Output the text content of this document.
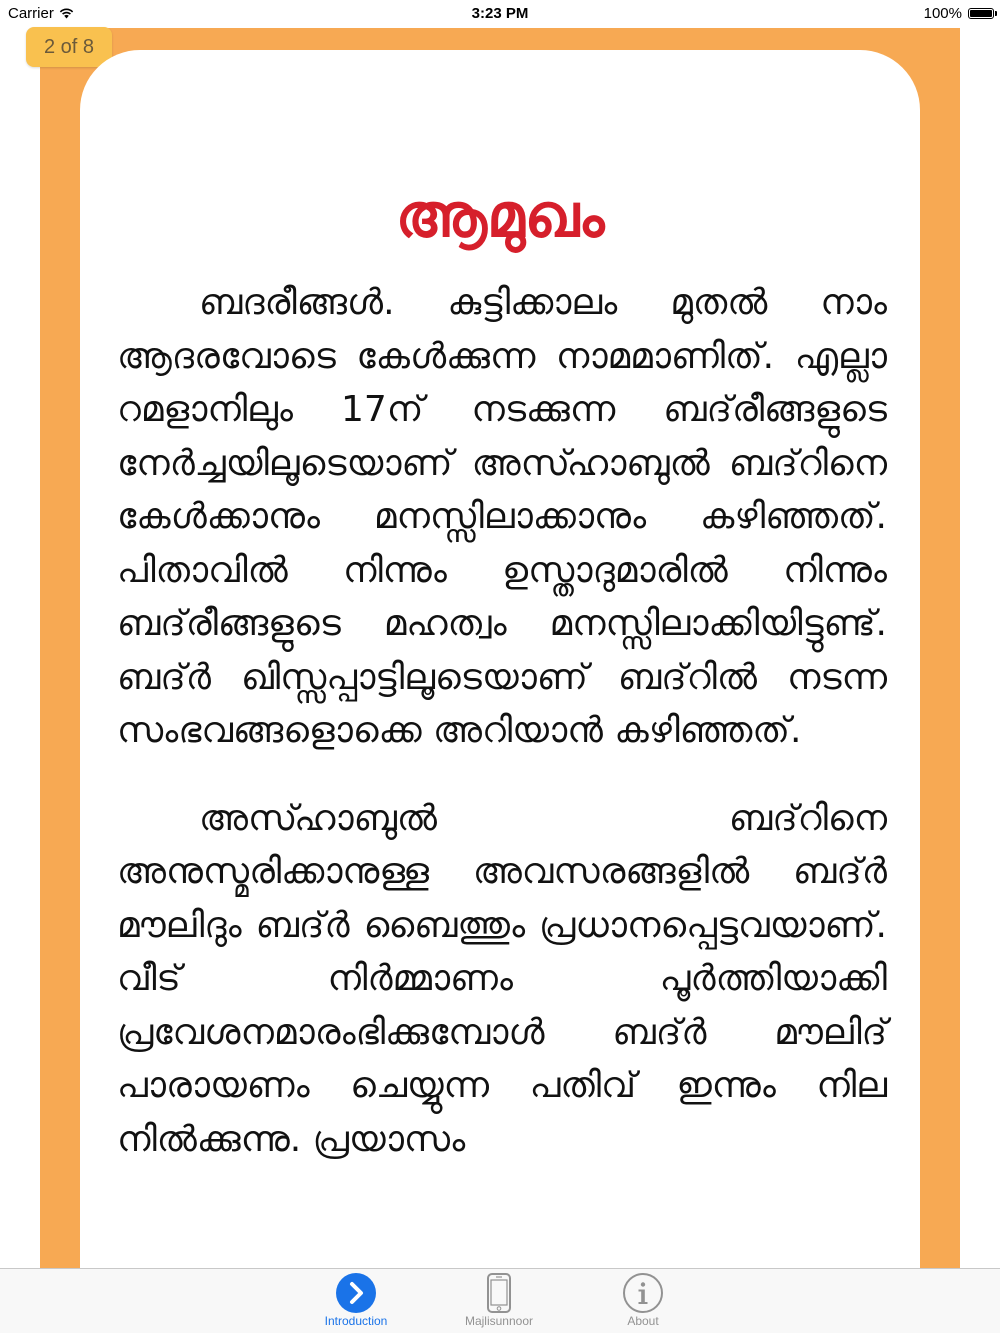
Carrier	3:23 PM	100%
2 of 8
ആമുഖം

ബദരീങ്ങൾ. കുട്ടിക്കാലം മുതൽ നാം ആദരവോടെ കേൾക്കുന്ന നാമമാണിത്. എല്ലാ റമളാനിലും 17ന് നടക്കുന്ന ബദ്‌രീങ്ങളുടെ നേർച്ചയിലൂടെയാണ് അസ്ഹാബുൽ ബദ്‌റിനെ കേൾക്കാനും മനസ്സിലാക്കാനും കഴിഞ്ഞത്. പിതാവിൽ നിന്നും ഉസ്താദുമാരിൽ നിന്നും ബദ്‌രീങ്ങളുടെ മഹത്വം മനസ്സിലാക്കിയിട്ടുണ്ട്. ബദ്ർ ഖിസ്സപ്പാട്ടിലൂടെയാണ് ബദ്‌റിൽ നടന്ന സംഭവങ്ങളൊക്കെ അറിയാൻ കഴിഞ്ഞത്.

അസ്ഹാബുൽ ബദ്‌റിനെ അനുസ്മരിക്കാനുള്ള അവസരങ്ങളിൽ ബദ്ർ മൗലിദും ബദ്ർ ബൈത്തും പ്രധാനപ്പെട്ടവയാണ്. വീട് നിർമ്മാണം പൂർത്തിയാക്കി പ്രവേശനമാരംഭിക്കുമ്പോൾ ബദ്ർ മൗലിദ് പാരായണം ചെയ്യുന്ന പതിവ് ഇന്നും നില നിൽക്കുന്നു. പ്രയാസം

Introduction	Majlisunnoor	About
